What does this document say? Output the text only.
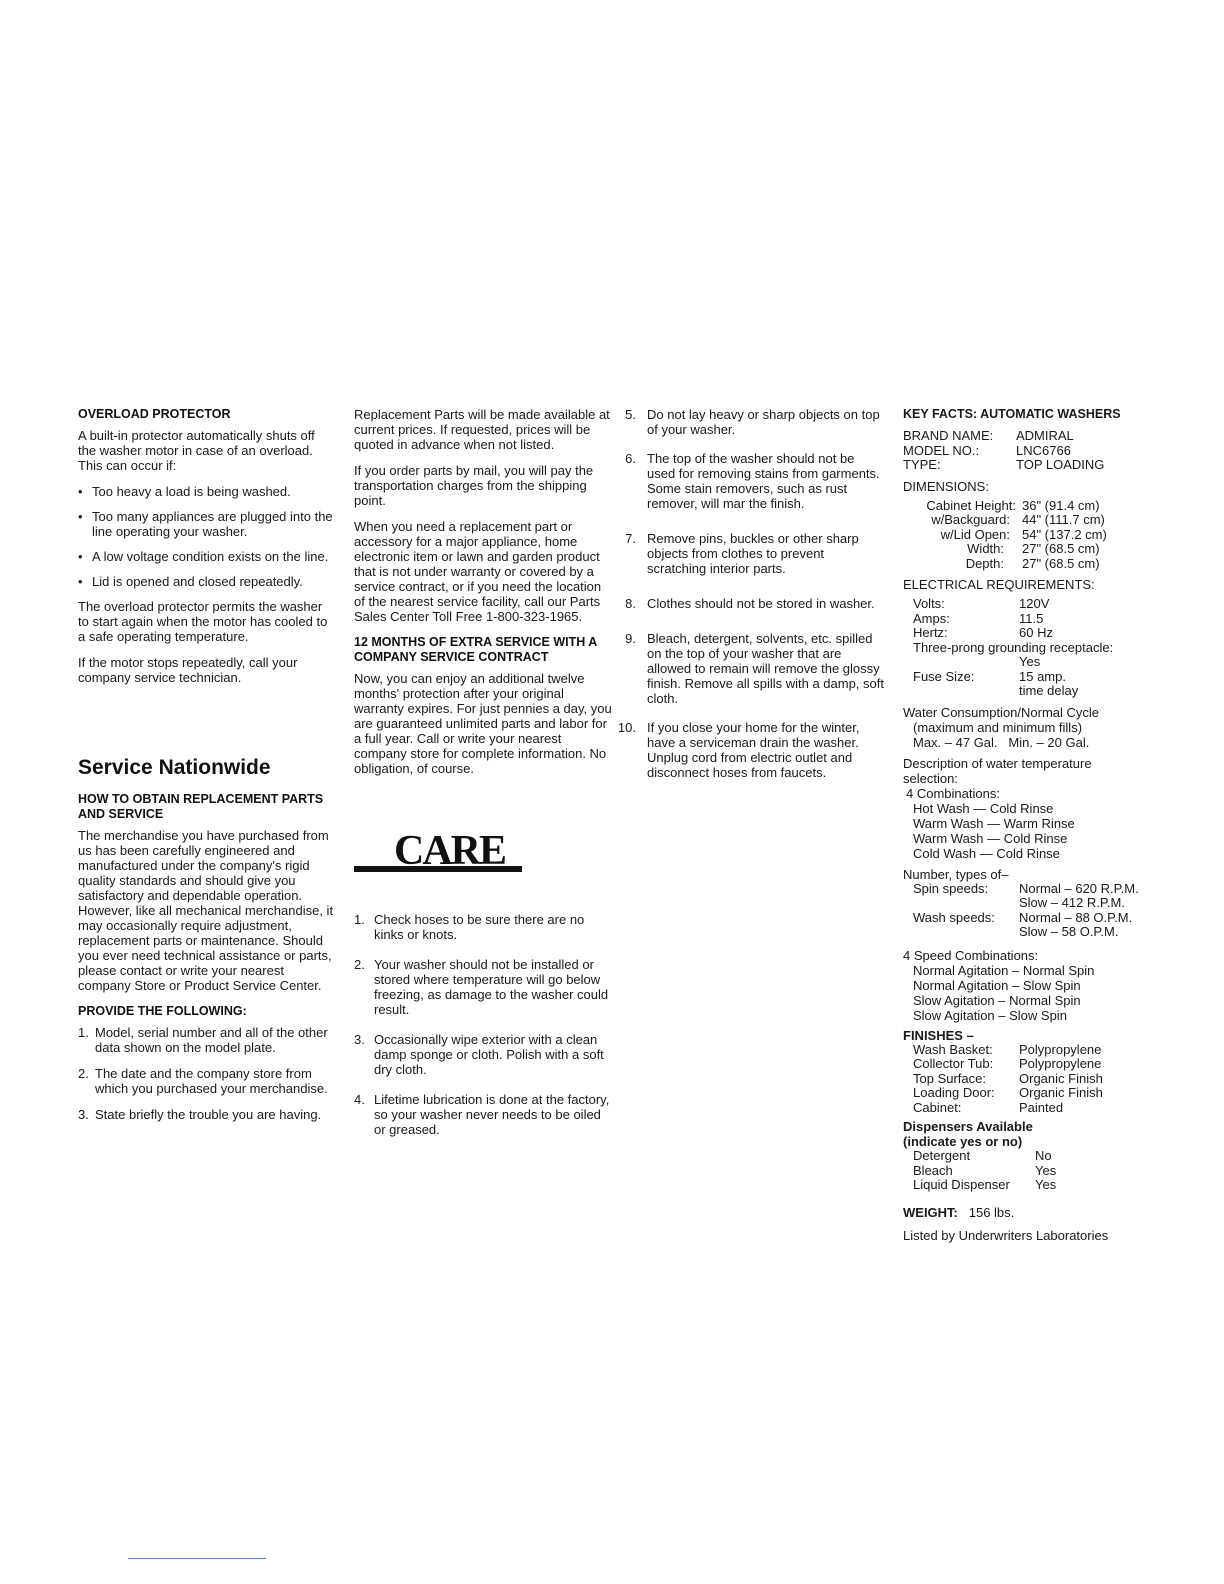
OVERLOAD PROTECTOR

A built-in protector automatically shuts off the washer motor in case of an overload. This can occur if:

• Too heavy a load is being washed.
• Too many appliances are plugged into the line operating your washer.
• A low voltage condition exists on the line.
• Lid is opened and closed repeatedly.

The overload protector permits the washer to start again when the motor has cooled to a safe operating temperature.

If the motor stops repeatedly, call your company service technician.

Service Nationwide
HOW TO OBTAIN REPLACEMENT PARTS AND SERVICE

The merchandise you have purchased from us has been carefully engineered and manufactured under the company's rigid quality standards and should give you satisfactory and dependable operation. However, like all mechanical merchandise, it may occasionally require adjustment, replacement parts or maintenance. Should you ever need technical assistance or parts, please contact or write your nearest company Store or Product Service Center.

PROVIDE THE FOLLOWING:
1. Model, serial number and all of the other data shown on the model plate.
2. The date and the company store from which you purchased your merchandise.
3. State briefly the trouble you are having.

Replacement Parts will be made available at current prices. If requested, prices will be quoted in advance when not listed.

If you order parts by mail, you will pay the transportation charges from the shipping point.

When you need a replacement part or accessory for a major appliance, home electronic item or lawn and garden product that is not under warranty or covered by a service contract, or if you need the location of the nearest service facility, call our Parts Sales Center Toll Free 1-800-323-1965.

12 MONTHS OF EXTRA SERVICE WITH A COMPANY SERVICE CONTRACT

Now, you can enjoy an additional twelve months' protection after your original warranty expires. For just pennies a day, you are guaranteed unlimited parts and labor for a full year. Call or write your nearest company store for complete information. No obligation, of course.

CARE
1. Check hoses to be sure there are no kinks or knots.
2. Your washer should not be installed or stored where temperature will go below freezing, as damage to the washer could result.
3. Occasionally wipe exterior with a clean damp sponge or cloth. Polish with a soft dry cloth.
4. Lifetime lubrication is done at the factory, so your washer never needs to be oiled or greased.
5. Do not lay heavy or sharp objects on top of your washer.
6. The top of the washer should not be used for removing stains from garments. Some stain removers, such as rust remover, will mar the finish.
7. Remove pins, buckles or other sharp objects from clothes to prevent scratching interior parts.
8. Clothes should not be stored in washer.
9. Bleach, detergent, solvents, etc. spilled on the top of your washer that are allowed to remain will remove the glossy finish. Remove all spills with a damp, soft cloth.
10. If you close your home for the winter, have a serviceman drain the washer. Unplug cord from electric outlet and disconnect hoses from faucets.
KEY FACTS: AUTOMATIC WASHERS
BRAND NAME:	ADMIRAL
MODEL NO.:	LNC6766
TYPE:	TOP LOADING
DIMENSIONS:
Cabinet Height:	36" (91.4 cm)
w/Backguard:	44" (111.7 cm)
w/Lid Open:	54" (137.2 cm)
Width:	27" (68.5 cm)
Depth:	27" (68.5 cm)
ELECTRICAL REQUIREMENTS:
Volts:	120V
Amps:	11.5
Hertz:	60 Hz
Three-prong grounding receptacle:	
	Yes
Fuse Size:	15 amp.
	time delay
Water Consumption/Normal Cycle
(maximum and minimum fills)
Max. – 47 Gal. Min. – 20 Gal.
Description of water temperature
selection:
4 Combinations:
Hot Wash — Cold Rinse
Warm Wash — Warm Rinse
Warm Wash — Cold Rinse
Cold Wash — Cold Rinse
Number, types of–
Spin speeds:	Normal – 620 R.P.M.
	Slow – 412 R.P.M.
Wash speeds:	Normal – 88 O.P.M.
	Slow – 58 O.P.M.
4 Speed Combinations:
Normal Agitation – Normal Spin
Normal Agitation – Slow Spin
Slow Agitation – Normal Spin
Slow Agitation – Slow Spin
FINISHES –
Wash Basket:	Polypropylene
Collector Tub:	Polypropylene
Top Surface:	Organic Finish
Loading Door:	Organic Finish
Cabinet:	Painted
Dispensers Available
(indicate yes or no)
Detergent	No
Bleach	Yes
Liquid Dispenser	Yes
WEIGHT: 156 lbs.
Listed by Underwriters Laboratories
